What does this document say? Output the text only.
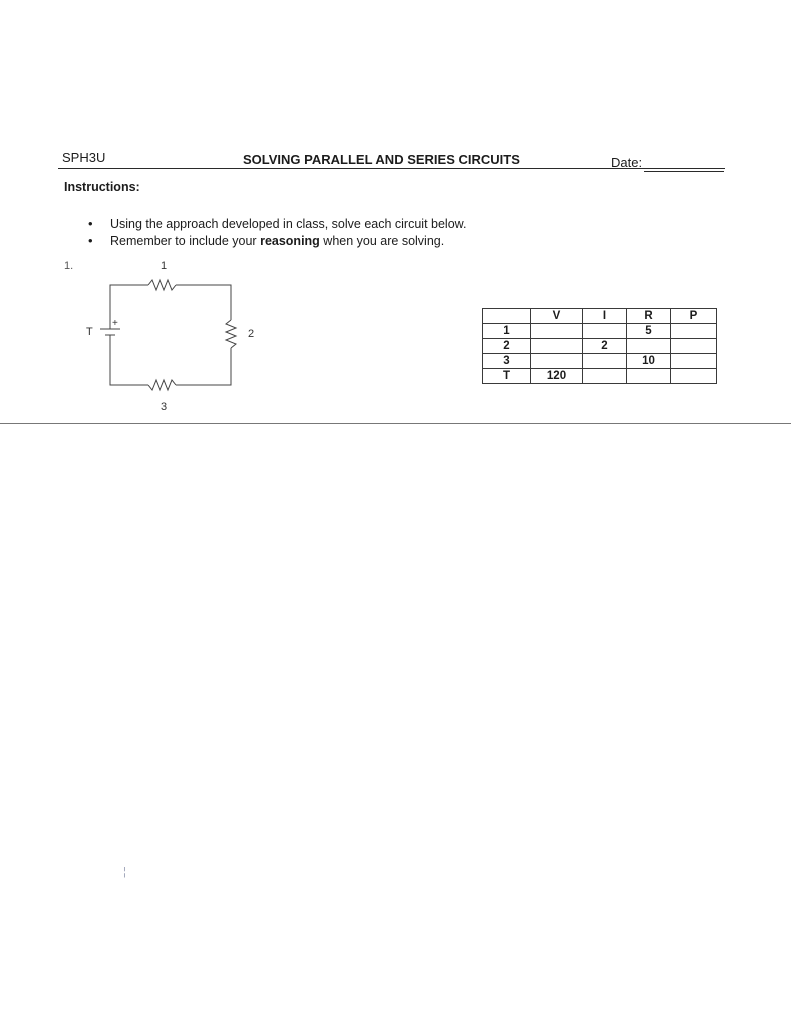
SPH3U	SOLVING PARALLEL AND SERIES CIRCUITS	Date:
Instructions:
• Using the approach developed in class, solve each circuit below.
• Remember to include your reasoning when you are solving.
1.	1
2
3
T
+
	V	I	R	P
1			5	
2		2		
3			10	
T	120			
¦
